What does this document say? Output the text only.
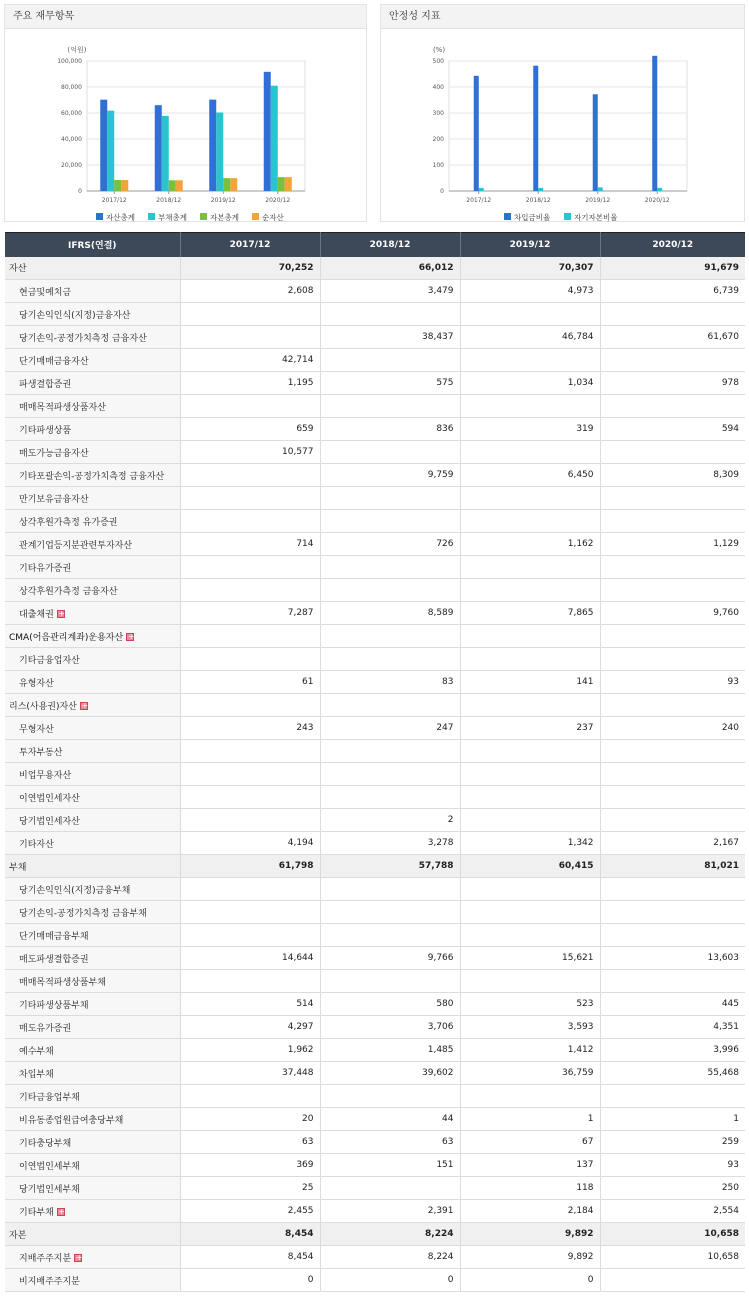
주요 재무항목
(억원)
0
20,000
40,000
60,000
80,000
100,000
2017/12	2018/12	2019/12	2020/12
자산총계	부채총계	자본총계	순자산
안정성 지표
(%)
0
100
200
300
400
500
2017/12	2018/12	2019/12	2020/12
차입금비율	자기자본비율
IFRS(연결)	2017/12	2018/12	2019/12	2020/12
자산	70,252	66,012	70,307	91,679
현금및예치금	2,608	3,479	4,973	6,739
당기손익인식(지정)금융자산				
당기손익-공정가치측정 금융자산		38,437	46,784	61,670
단기매매금융자산	42,714			
파생결합증권	1,195	575	1,034	978
매매목적파생상품자산				
기타파생상품	659	836	319	594
매도가능금융자산	10,577			
기타포괄손익-공정가치측정 금융자산		9,759	6,450	8,309
만기보유금융자산				
상각후원가측정 유가증권				
관계기업등지분관련투자자산	714	726	1,162	1,129
기타유가증권				
상각후원가측정 금융자산				
대출채권+	7,287	8,589	7,865	9,760
CMA(어음관리계좌)운용자산+				
기타금융업자산				
유형자산	61	83	141	93
리스(사용권)자산+				
무형자산	243	247	237	240
투자부동산				
비업무용자산				
이연법인세자산				
당기법인세자산		2		
기타자산	4,194	3,278	1,342	2,167
부채	61,798	57,788	60,415	81,021
당기손익인식(지정)금융부채				
당기손익-공정가치측정 금융부채				
단기매매금융부채				
매도파생결합증권	14,644	9,766	15,621	13,603
매매목적파생상품부채				
기타파생상품부채	514	580	523	445
매도유가증권	4,297	3,706	3,593	4,351
예수부채	1,962	1,485	1,412	3,996
차입부채	37,448	39,602	36,759	55,468
기타금융업부채				
비유동종업원급여충당부채	20	44	1	1
기타충당부채	63	63	67	259
이연법인세부채	369	151	137	93
당기법인세부채	25		118	250
기타부채+	2,455	2,391	2,184	2,554
자본	8,454	8,224	9,892	10,658
지배주주지분+	8,454	8,224	9,892	10,658
비지배주주지분	0	0	0	
